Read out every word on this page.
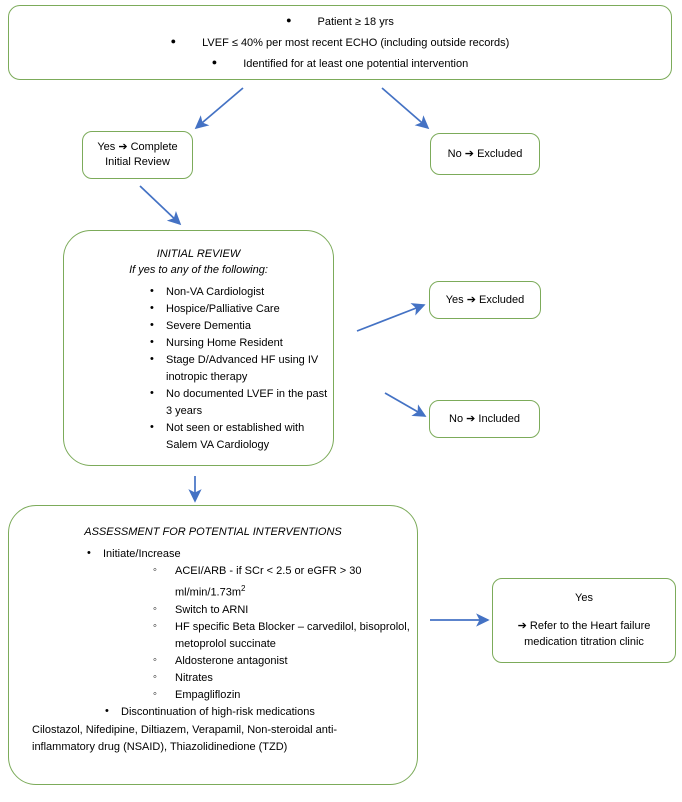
● Patient ≥ 18 yrs
● LVEF ≤ 40% per most recent ECHO (including outside records)
● Identified for at least one potential intervention
Yes ➔ Complete
Initial Review
No ➔ Excluded
INITIAL REVIEW
If yes to any of the following:
• Non-VA Cardiologist
• Hospice/Palliative Care
• Severe Dementia
• Nursing Home Resident
• Stage D/Advanced HF using IV inotropic therapy
• No documented LVEF in the past 3 years
• Not seen or established with Salem VA Cardiology
Yes ➔ Excluded
No ➔ Included
ASSESSMENT FOR POTENTIAL INTERVENTIONS
• Initiate/Increase
◦ ACEI/ARB - if SCr < 2.5 or eGFR > 30 $ml/\min/1.73m^2$
◦ Switch to ARNI
◦ HF specific Beta Blocker – carvedilol, bisoprolol, metoprolol succinate
◦ Aldosterone antagonist
◦ Nitrates
◦ Empagliflozin
• Discontinuation of high-risk medications
Cilostazol, Nifedipine, Diltiazem, Verapamil, Non-steroidal anti-inflammatory drug (NSAID), Thiazolidinedione (TZD)
Yes
➔ Refer to the Heart failure medication titration clinic
